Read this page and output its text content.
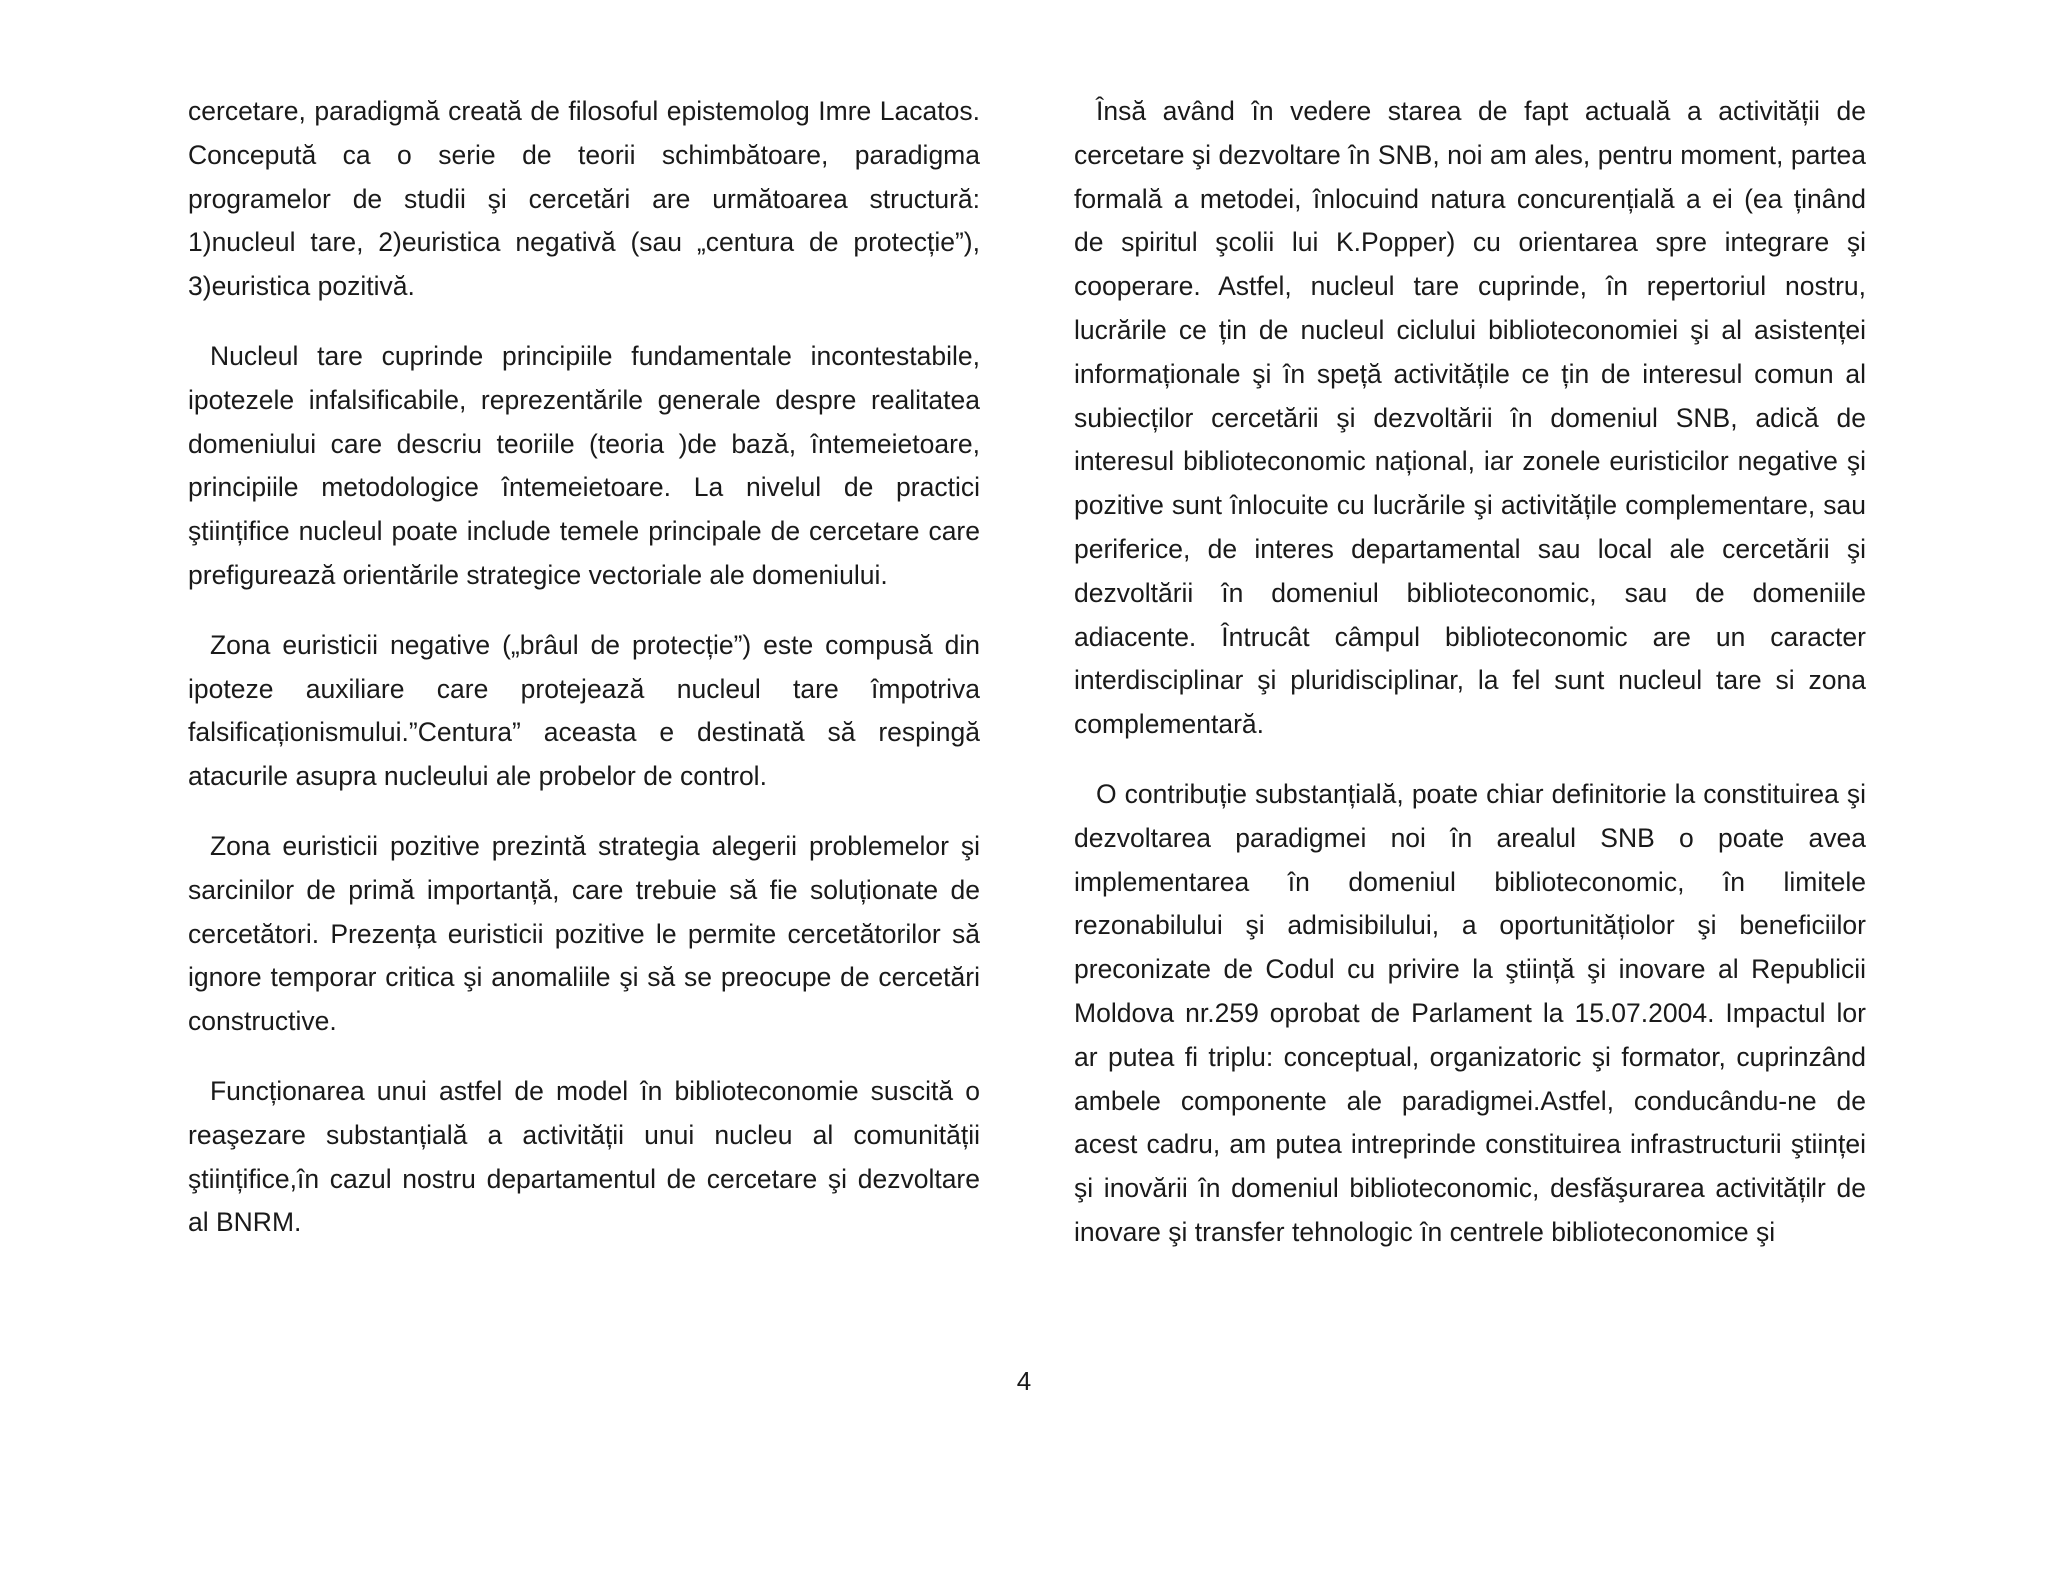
cercetare, paradigmă creată de filosoful epistemolog Imre Lacatos. Concepută ca o serie de teorii schimbătoare, paradigma programelor de studii şi cercetări are următoarea structură: 1)nucleul tare, 2)euristica negativă (sau „centura de protecție”), 3)euristica pozitivă.

Nucleul tare cuprinde principiile fundamentale incontestabile, ipotezele infalsificabile, reprezentările generale despre realitatea domeniului care descriu teoriile (teoria )de bază, întemeietoare, principiile metodologice întemeietoare. La nivelul de practici ştiințifice nucleul poate include temele principale de cercetare care prefigurează orientările strategice vectoriale ale domeniului.

Zona euristicii negative („brâul de protecție”) este compusă din ipoteze auxiliare care protejează nucleul tare împotriva falsificaționismului.”Centura” aceasta e destinată să respingă atacurile asupra nucleului ale probelor de control.

Zona euristicii pozitive prezintă strategia alegerii problemelor şi sarcinilor de primă importanță, care trebuie să fie soluționate de cercetători. Prezența euristicii pozitive le permite cercetătorilor să ignore temporar critica şi anomaliile şi să se preocupe de cercetări constructive.

Funcționarea unui astfel de model în biblioteconomie suscită o reaşezare substanțială a activității unui nucleu al comunității ştiințifice,în cazul nostru departamentul de cercetare şi dezvoltare al BNRM.

Însă având în vedere starea de fapt actuală a activității de cercetare şi dezvoltare în SNB, noi am ales, pentru moment, partea formală a metodei, înlocuind natura concurențială a ei (ea ținând de spiritul şcolii lui K.Popper) cu orientarea spre integrare şi cooperare. Astfel, nucleul tare cuprinde, în repertoriul nostru, lucrările ce țin de nucleul ciclului biblioteconomiei şi al asistenței informaționale şi în speță activitățile ce țin de interesul comun al subiecților cercetării şi dezvoltării în domeniul SNB, adică de interesul biblioteconomic național, iar zonele euristicilor negative şi pozitive sunt înlocuite cu lucrările şi activitățile complementare, sau periferice, de interes departamental sau local ale cercetării şi dezvoltării în domeniul biblioteconomic, sau de domeniile adiacente. Întrucât câmpul biblioteconomic are un caracter interdisciplinar şi pluridisciplinar, la fel sunt nucleul tare si zona complementară.

O contribuție substanțială, poate chiar definitorie la constituirea şi dezvoltarea paradigmei noi în arealul SNB o poate avea implementarea în domeniul biblioteconomic, în limitele rezonabilului şi admisibilului, a oportunitățiolor şi beneficiilor preconizate de Codul cu privire la ştiință şi inovare al Republicii Moldova nr.259 oprobat de Parlament la 15.07.2004. Impactul lor ar putea fi triplu: conceptual, organizatoric şi formator, cuprinzând ambele componente ale paradigmei.Astfel, conducându-ne de acest cadru, am putea intreprinde constituirea infrastructurii ştiinței şi inovării în domeniul biblioteconomic, desfăşurarea activitățilr de inovare şi transfer tehnologic în centrele biblioteconomice şi

4
